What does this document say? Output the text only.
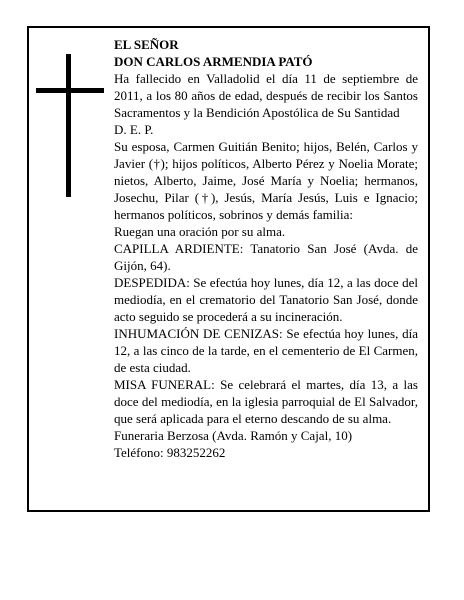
EL SEÑOR

DON CARLOS ARMENDIA PATÓ

Ha fallecido en Valladolid el día 11 de septiembre de 2011, a los 80 años de edad, después de recibir los Santos Sacramentos y la Bendición Apostólica de Su Santidad

D. E. P.

Su esposa, Carmen Guitián Benito; hijos, Belén, Carlos y Javier (†); hijos políticos, Alberto Pérez y Noelia Morate; nietos, Alberto, Jaime, José María y Noelia; hermanos, Josechu, Pilar (†), Jesús, María Jesús, Luis e Ignacio; hermanos políticos, sobrinos y demás familia:

Ruegan una oración por su alma.

CAPILLA ARDIENTE: Tanatorio San José (Avda. de Gijón, 64).

DESPEDIDA: Se efectúa hoy lunes, día 12, a las doce del mediodía, en el crematorio del Tanatorio San José, donde acto seguido se procederá a su incineración.

INHUMACIÓN DE CENIZAS: Se efectúa hoy lunes, día 12, a las cinco de la tarde, en el cementerio de El Carmen, de esta ciudad.

MISA FUNERAL: Se celebrará el martes, día 13, a las doce del mediodía, en la iglesia parroquial de El Salvador, que será aplicada para el eterno descando de su alma.

Funeraria Berzosa (Avda. Ramón y Cajal, 10)

Teléfono: 983252262
